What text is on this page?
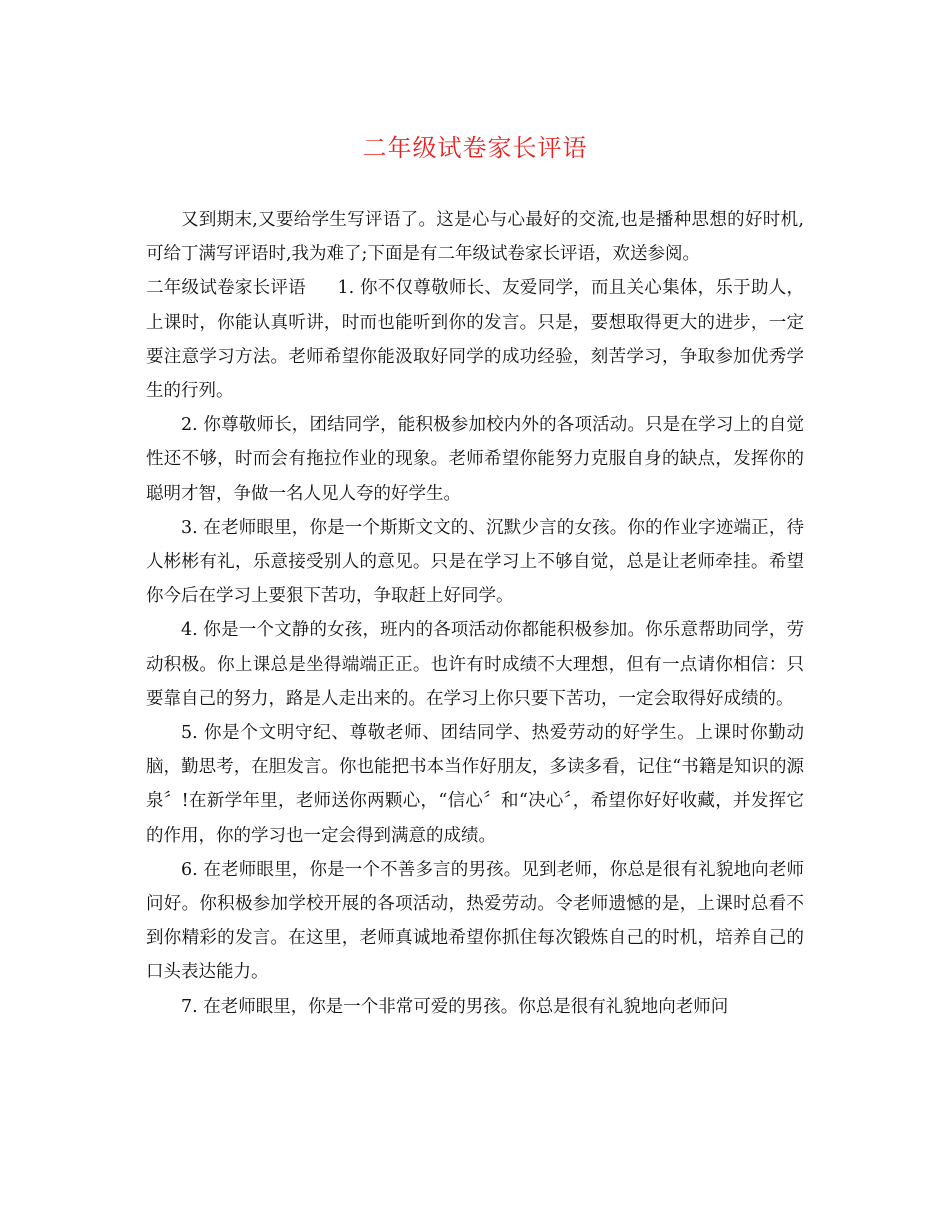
二年级试卷家长评语

又到期末,又要给学生写评语了。这是心与心最好的交流,也是播种思想的好时机,可给丁满写评语时,我为难了;下面是有二年级试卷家长评语，欢送参阅。

二年级试卷家长评语 1. 你不仅尊敬师长、友爱同学，而且关心集体，乐于助人，上课时，你能认真听讲，时而也能听到你的发言。只是，要想取得更大的进步，一定要注意学习方法。老师希望你能汲取好同学的成功经验，刻苦学习，争取参加优秀学生的行列。

2. 你尊敬师长，团结同学，能积极参加校内外的各项活动。只是在学习上的自觉性还不够，时而会有拖拉作业的现象。老师希望你能努力克服自身的缺点，发挥你的聪明才智，争做一名人见人夸的好学生。

3. 在老师眼里，你是一个斯斯文文的、沉默少言的女孩。你的作业字迹端正，待人彬彬有礼，乐意接受别人的意见。只是在学习上不够自觉，总是让老师牵挂。希望你今后在学习上要狠下苦功，争取赶上好同学。

4. 你是一个文静的女孩，班内的各项活动你都能积极参加。你乐意帮助同学，劳动积极。你上课总是坐得端端正正。也许有时成绩不大理想，但有一点请你相信：只要靠自己的努力，路是人走出来的。在学习上你只要下苦功，一定会取得好成绩的。

5. 你是个文明守纪、尊敬老师、团结同学、热爱劳动的好学生。上课时你勤动脑，勤思考，在胆发言。你也能把书本当作好朋友，多读多看，记住“书籍是知识的源泉〞!在新学年里，老师送你两颗心，“信心〞和“决心〞，希望你好好收藏，并发挥它的作用，你的学习也一定会得到满意的成绩。

6. 在老师眼里，你是一个不善多言的男孩。见到老师，你总是很有礼貌地向老师问好。你积极参加学校开展的各项活动，热爱劳动。令老师遗憾的是，上课时总看不到你精彩的发言。在这里，老师真诚地希望你抓住每次锻炼自己的时机，培养自己的口头表达能力。

7. 在老师眼里，你是一个非常可爱的男孩。你总是很有礼貌地向老师问
